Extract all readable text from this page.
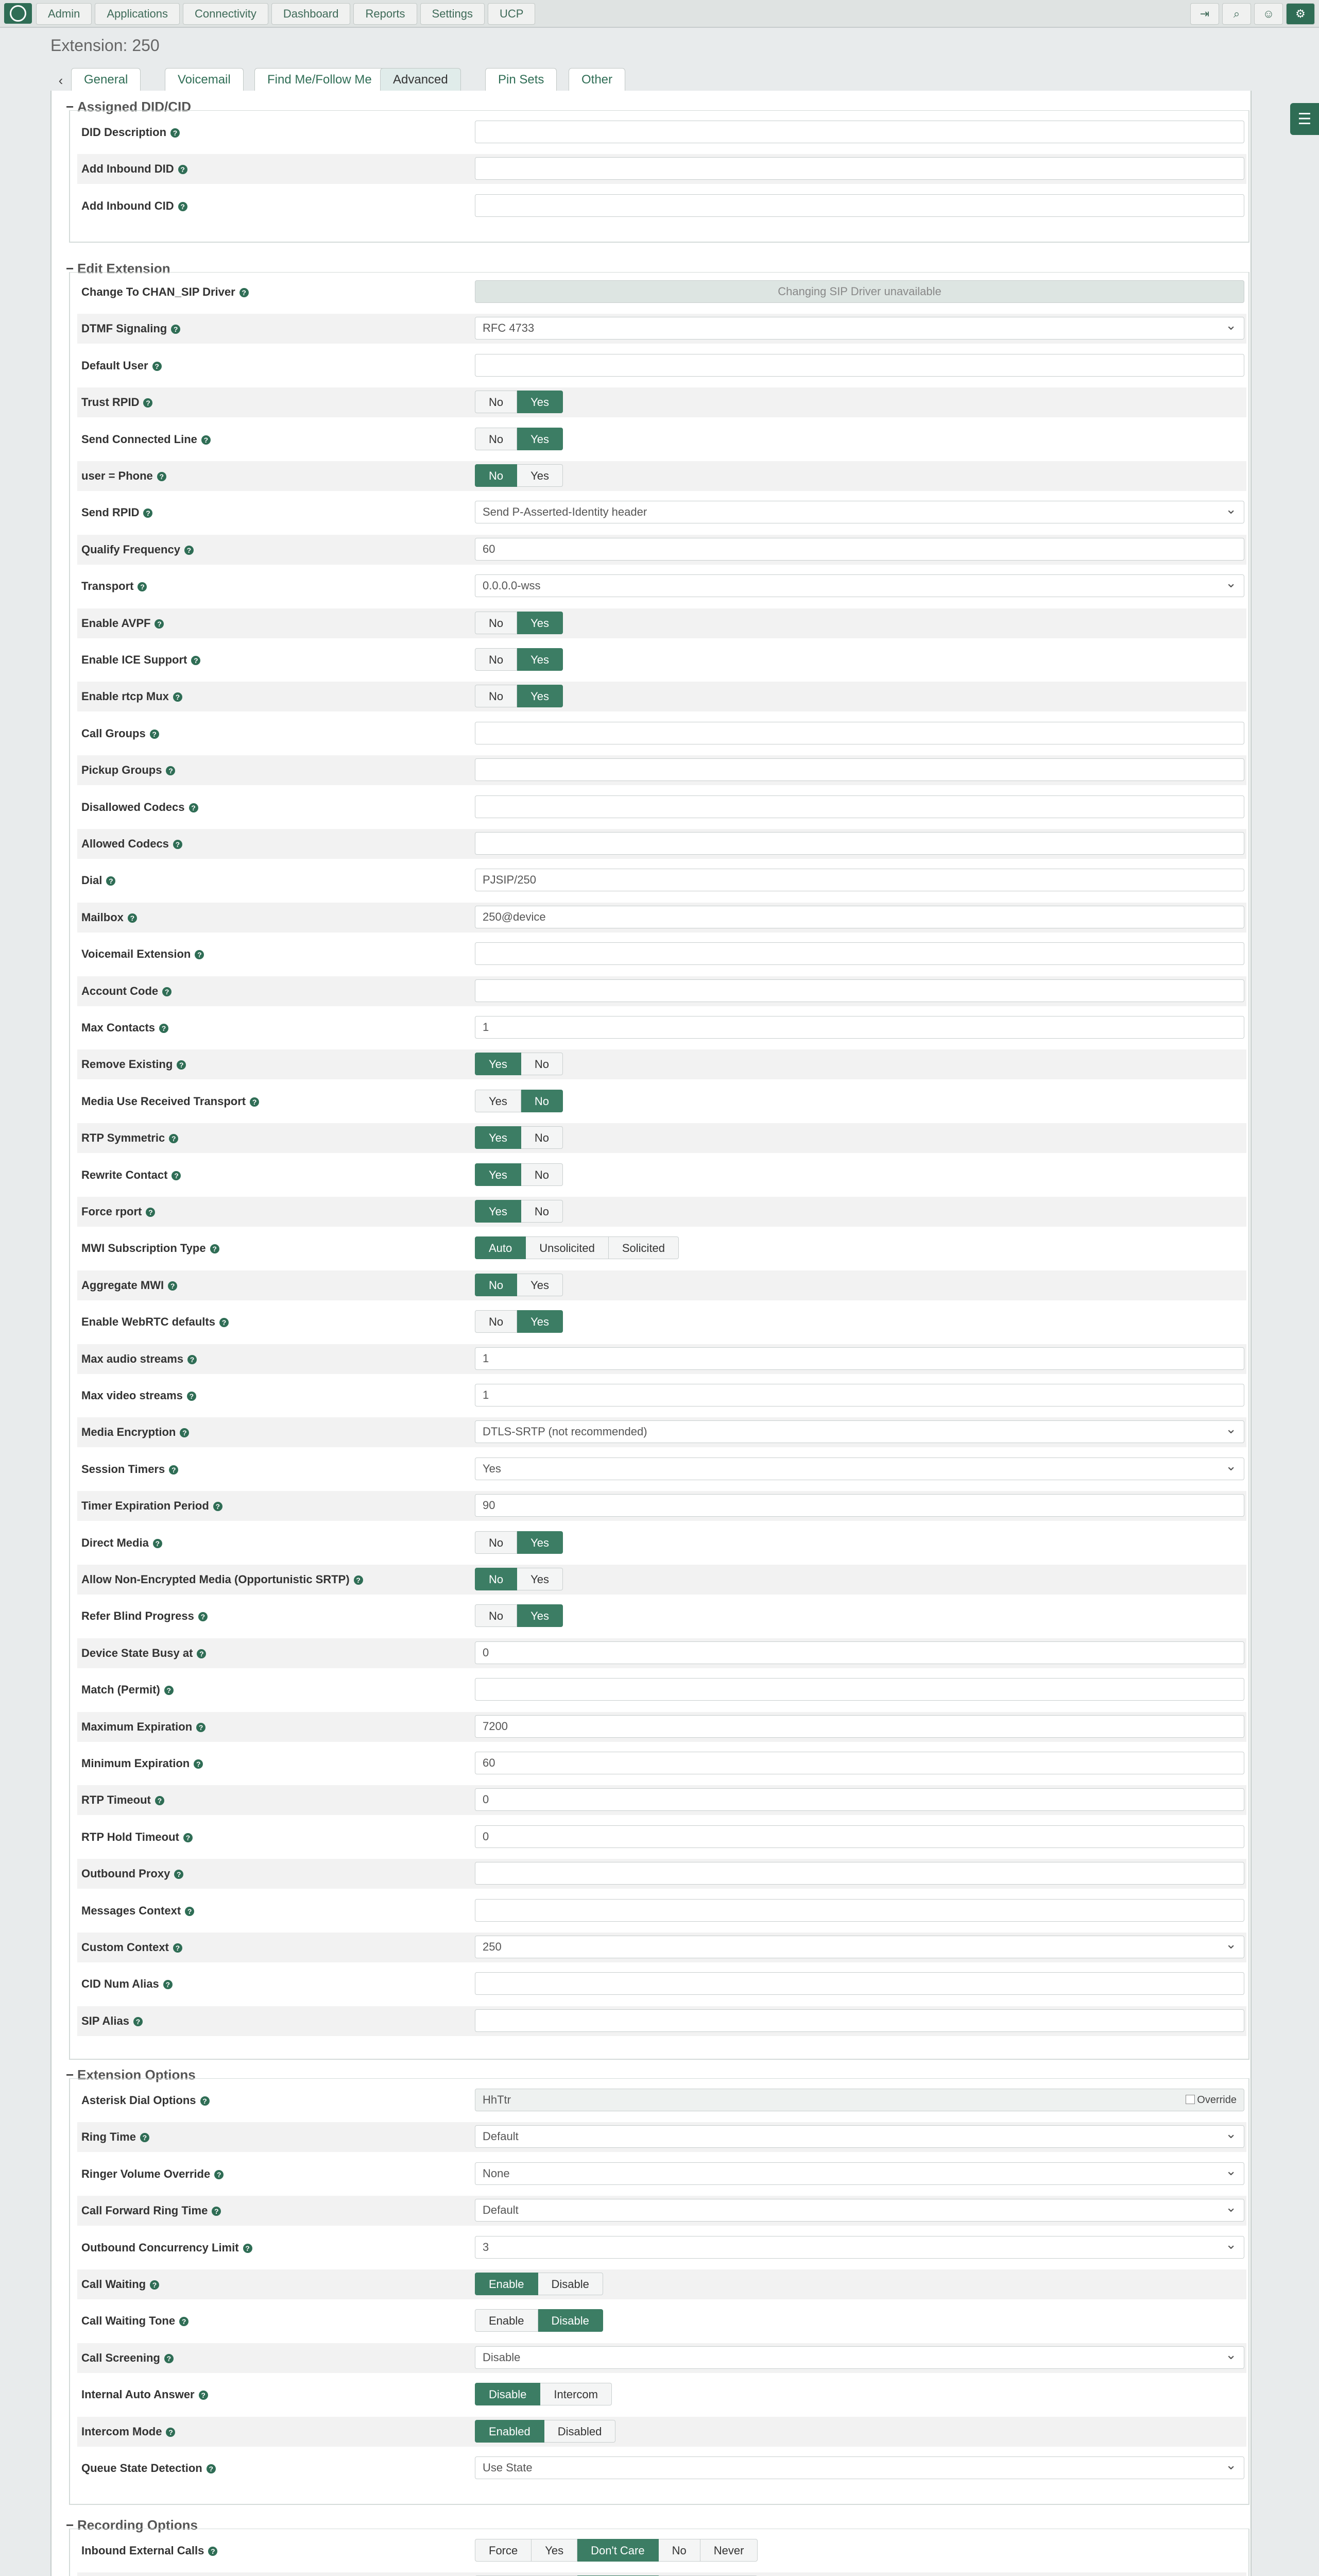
Admin	Applications	Connectivity	Dashboard	Reports	Settings	UCP	⇥	⌕	☺	⚙
Extension: 250
‹	General	Voicemail	Find Me/Follow Me	Advanced	Pin Sets	Other
☰
− Assigned DID/CID
DID Description ?
Add Inbound DID ?
Add Inbound CID ?
− Edit Extension
Change To CHAN_SIP Driver ?	Changing SIP Driver unavailable
DTMF Signaling ?	RFC 4733 ⌄
Default User ?
Trust RPID ?	No	Yes
Send Connected Line ?	No	Yes
user = Phone ?	No	Yes
Send RPID ?	Send P-Asserted-Identity header ⌄
Qualify Frequency ?	60
Transport ?	0.0.0.0-wss ⌄
Enable AVPF ?	No	Yes
Enable ICE Support ?	No	Yes
Enable rtcp Mux ?	No	Yes
Call Groups ?
Pickup Groups ?
Disallowed Codecs ?
Allowed Codecs ?
Dial ?	PJSIP/250
Mailbox ?	250@device
Voicemail Extension ?
Account Code ?
Max Contacts ?	1
Remove Existing ?	Yes	No
Media Use Received Transport ?	Yes	No
RTP Symmetric ?	Yes	No
Rewrite Contact ?	Yes	No
Force rport ?	Yes	No
MWI Subscription Type ?	Auto	Unsolicited	Solicited
Aggregate MWI ?	No	Yes
Enable WebRTC defaults ?	No	Yes
Max audio streams ?	1
Max video streams ?	1
Media Encryption ?	DTLS-SRTP (not recommended) ⌄
Session Timers ?	Yes ⌄
Timer Expiration Period ?	90
Direct Media ?	No	Yes
Allow Non-Encrypted Media (Opportunistic SRTP) ?	No	Yes
Refer Blind Progress ?	No	Yes
Device State Busy at ?	0
Match (Permit) ?
Maximum Expiration ?	7200
Minimum Expiration ?	60
RTP Timeout ?	0
RTP Hold Timeout ?	0
Outbound Proxy ?
Messages Context ?
Custom Context ?	250 ⌄
CID Num Alias ?
SIP Alias ?
− Extension Options
Asterisk Dial Options ?	HhTtr	Override
Ring Time ?	Default ⌄
Ringer Volume Override ?	None ⌄
Call Forward Ring Time ?	Default ⌄
Outbound Concurrency Limit ?	3 ⌄
Call Waiting ?	Enable	Disable
Call Waiting Tone ?	Enable	Disable
Call Screening ?	Disable ⌄
Internal Auto Answer ?	Disable	Intercom
Intercom Mode ?	Enabled	Disabled
Queue State Detection ?	Use State ⌄
− Recording Options
Inbound External Calls ?	Force	Yes	Don't Care	No	Never
